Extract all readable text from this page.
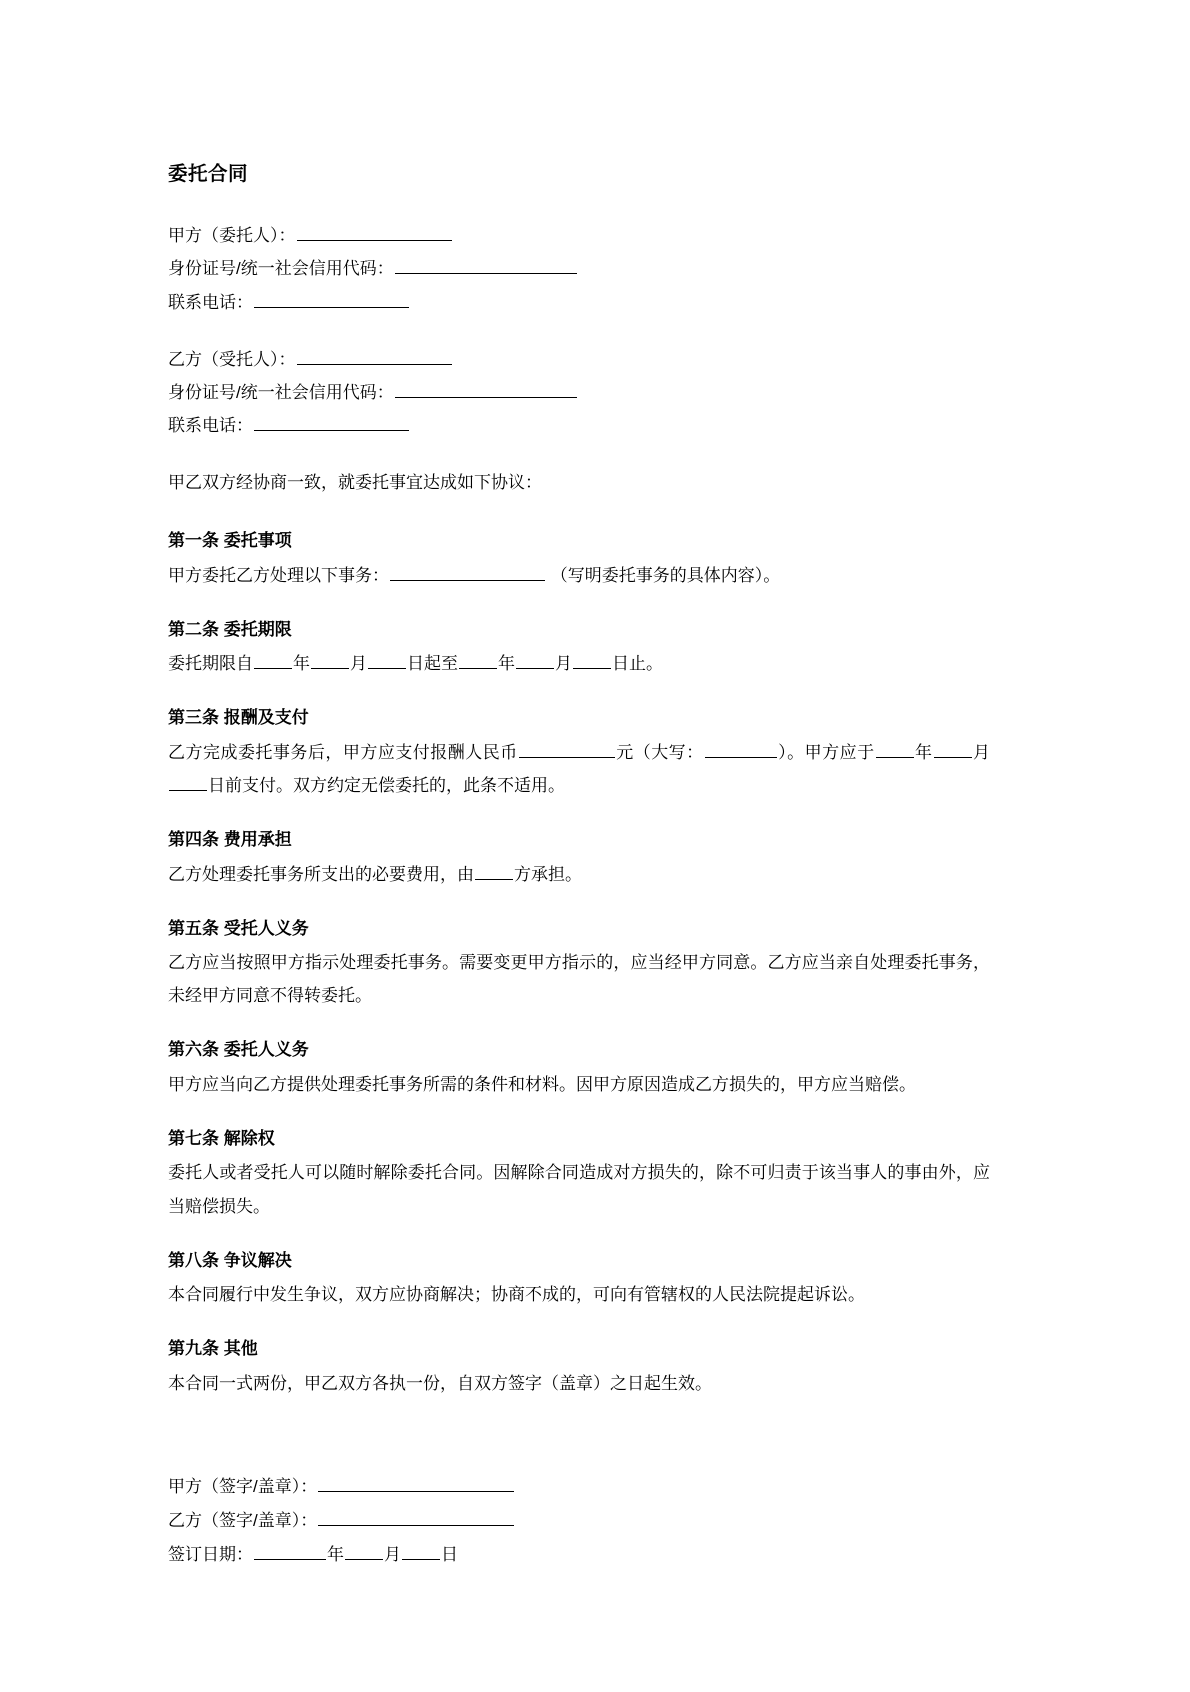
委托合同
甲方（委托人）：
身份证号/统一社会信用代码：
联系电话：
乙方（受托人）：
身份证号/统一社会信用代码：
联系电话：

甲乙双方经协商一致，就委托事宜达成如下协议：

第一条 委托事项
甲方委托乙方处理以下事务：	（写明委托事务的具体内容）。
第二条 委托期限
委托期限自 年 月 日起至 年 月 日止。
第三条 报酬及支付
乙方完成委托事务后，甲方应支付报酬人民币	元（大写：	）。甲方应于 年 月日前支付。双方约定无偿委托的，此条不适用。
第四条 费用承担
乙方处理委托事务所支出的必要费用，由 方承担。
第五条 受托人义务
乙方应当按照甲方指示处理委托事务。需要变更甲方指示的，应当经甲方同意。乙方应当亲自处理委托事务，未经甲方同意不得转委托。
第六条 委托人义务
甲方应当向乙方提供处理委托事务所需的条件和材料。因甲方原因造成乙方损失的，甲方应当赔偿。
第七条 解除权
委托人或者受托人可以随时解除委托合同。因解除合同造成对方损失的，除不可归责于该当事人的事由外，应当赔偿损失。
第八条 争议解决
本合同履行中发生争议，双方应协商解决；协商不成的，可向有管辖权的人民法院提起诉讼。
第九条 其他
本合同一式两份，甲乙双方各执一份，自双方签字（盖章）之日起生效。
甲方（签字/盖章）：
乙方（签字/盖章）：
签订日期：	年 月 日
